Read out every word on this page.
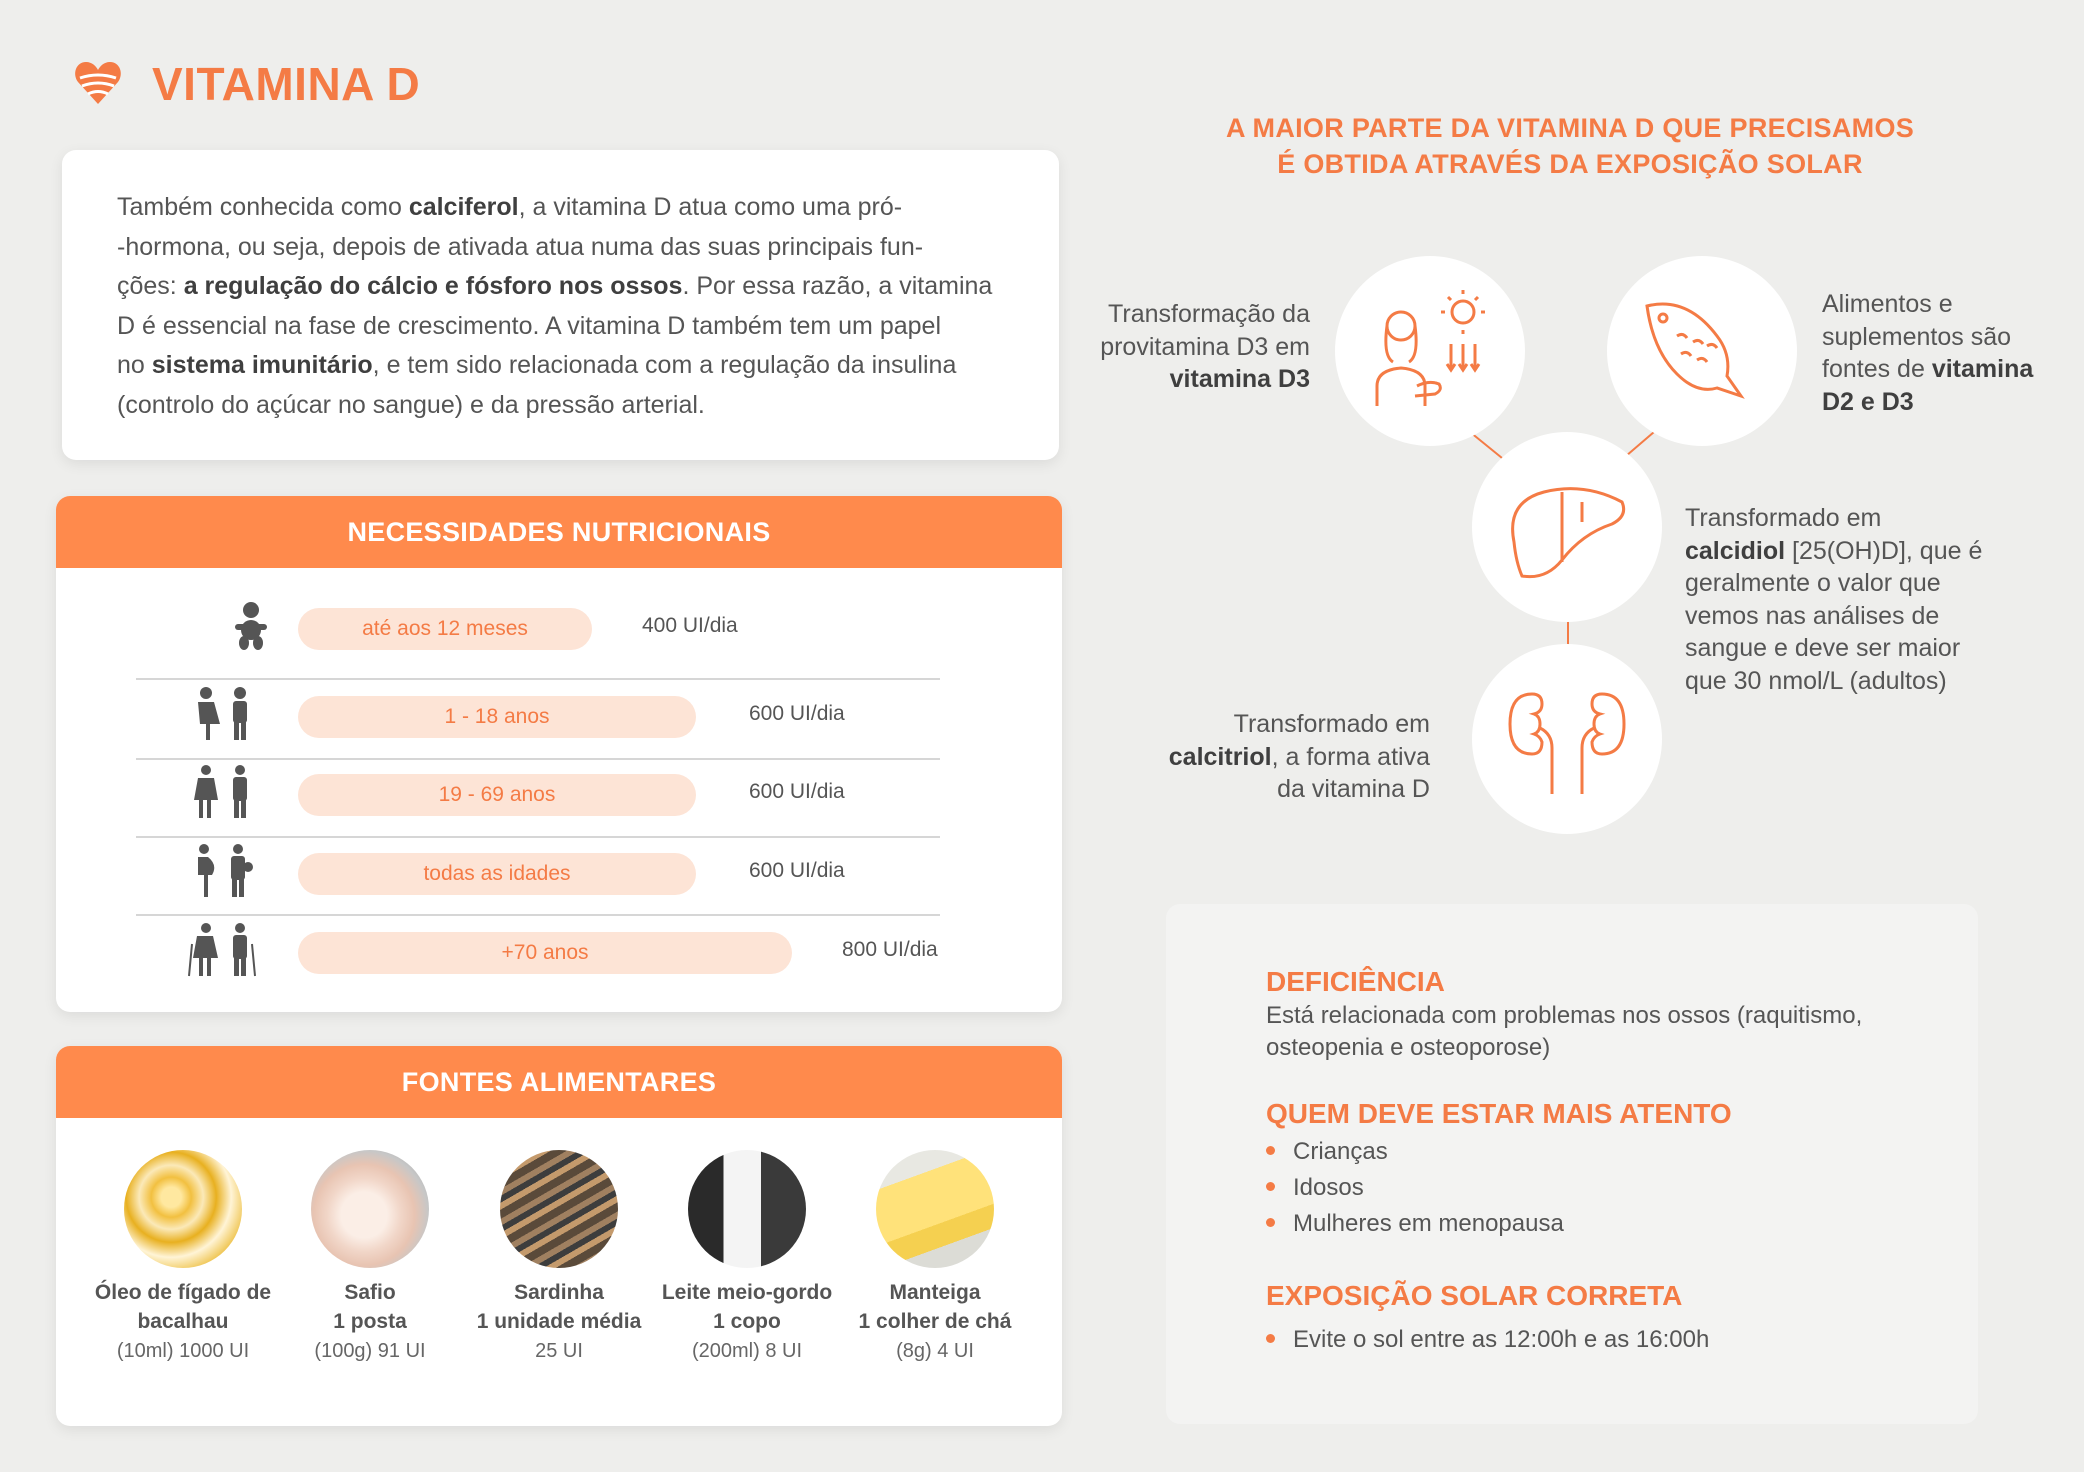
VITAMINA D
Também conhecida como calciferol, a vitamina D atua como uma pró-
-hormona, ou seja, depois de ativada atua numa das suas principais fun-
ções: a regulação do cálcio e fósforo nos ossos. Por essa razão, a vitamina
D é essencial na fase de crescimento. A vitamina D também tem um papel
no sistema imunitário, e tem sido relacionada com a regulação da insulina
(controlo do açúcar no sangue) e da pressão arterial.
NECESSIDADES NUTRICIONAIS
até aos 12 meses	400 UI/dia
1 - 18 anos	600 UI/dia
19 - 69 anos	600 UI/dia
todas as idades	600 UI/dia
+70 anos	800 UI/dia
FONTES ALIMENTARES
Óleo de fígado de
bacalhau
(10ml) 1000 UI
Safio
1 posta
(100g) 91 UI
Sardinha
1 unidade média
25 UI
Leite meio-gordo
1 copo
(200ml) 8 UI
Manteiga
1 colher de chá
(8g) 4 UI
A MAIOR PARTE DA VITAMINA D QUE PRECISAMOS
É OBTIDA ATRAVÉS DA EXPOSIÇÃO SOLAR
Transformação da
provitamina D3 em
vitamina D3
Alimentos e
suplementos são
fontes de vitamina
D2 e D3
Transformado em
calcidiol [25(OH)D], que é
geralmente o valor que
vemos nas análises de
sangue e deve ser maior
que 30 nmol/L (adultos)
Transformado em
calcitriol, a forma ativa
da vitamina D
DEFICIÊNCIA
Está relacionada com problemas nos ossos (raquitismo,
osteopenia e osteoporose)
QUEM DEVE ESTAR MAIS ATENTO
Crianças
Idosos
Mulheres em menopausa
EXPOSIÇÃO SOLAR CORRETA
Evite o sol entre as 12:00h e as 16:00h
